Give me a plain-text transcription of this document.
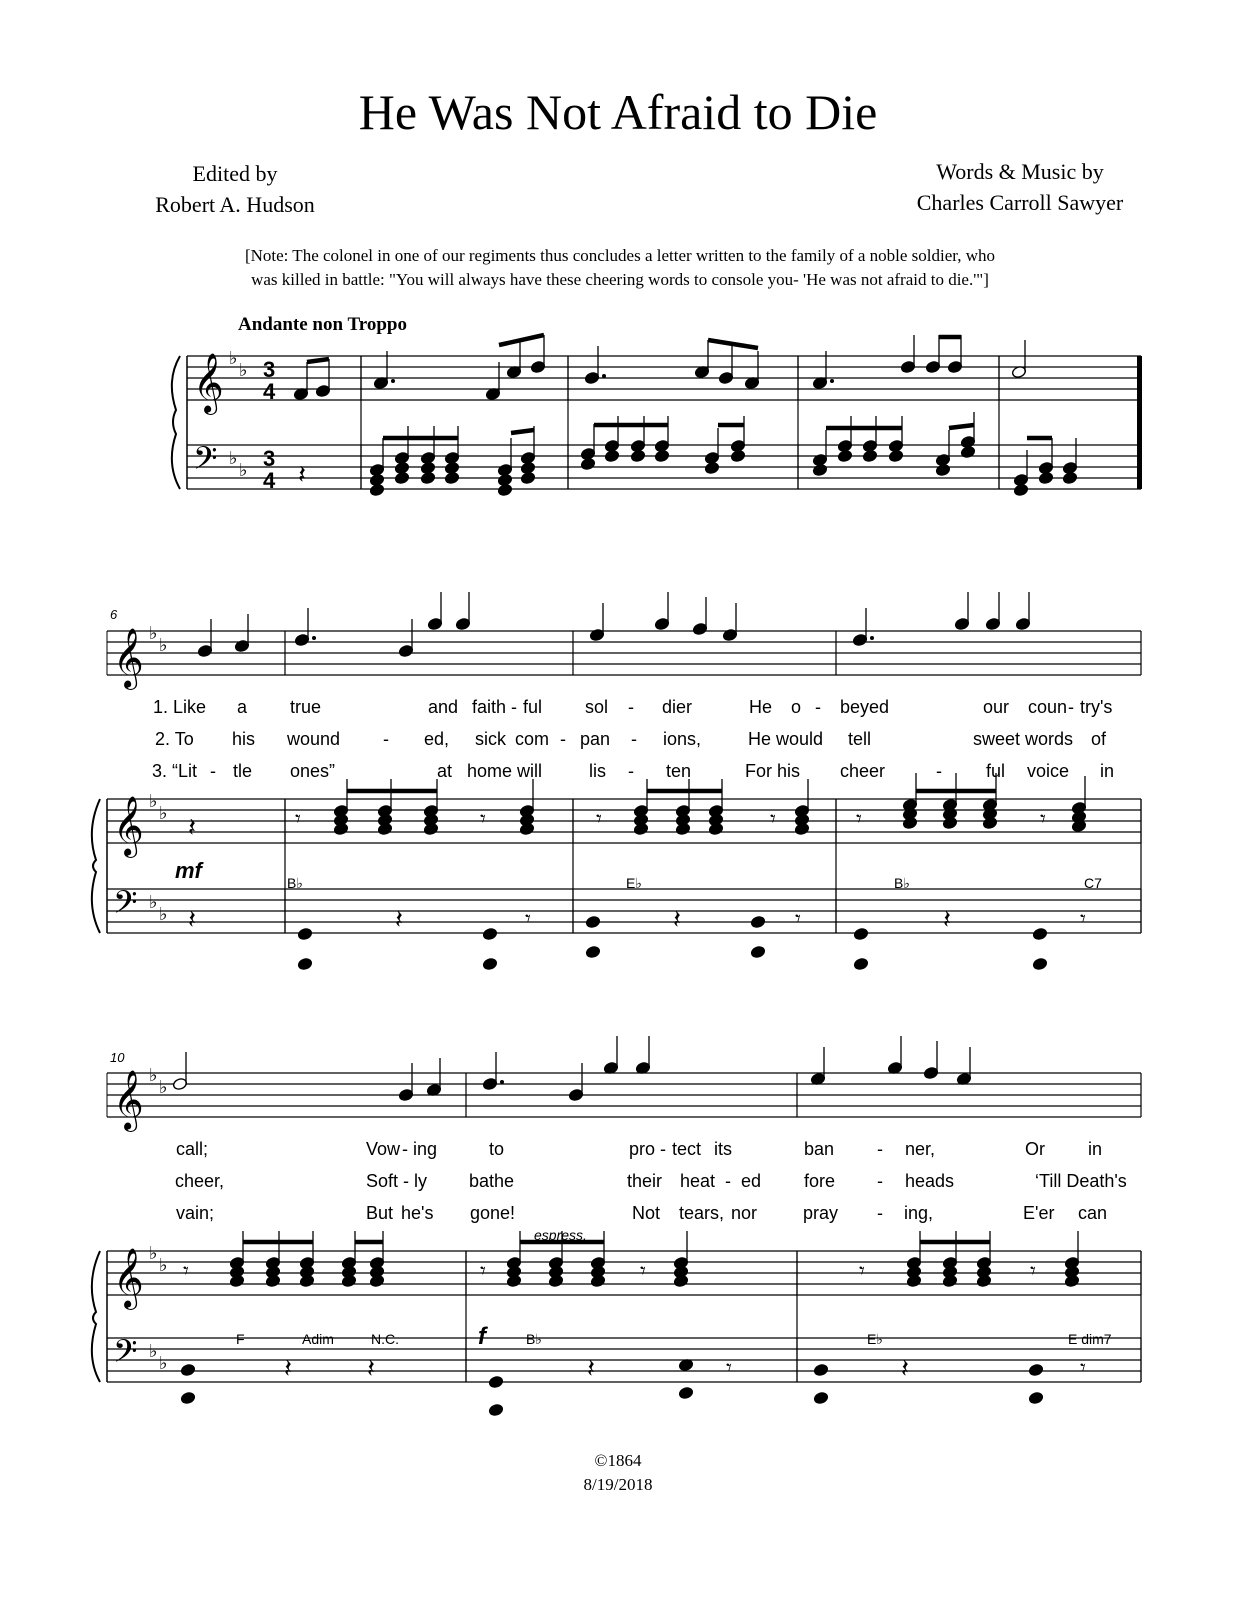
He Was Not Afraid to Die
Edited by
Robert A. Hudson
Words & Music by
Charles Carroll Sawyer
[Note: The colonel in one of our regiments thus concludes a letter written to the family of a noble soldier, who
was killed in battle: "You will always have these cheering words to console you- 'He was not afraid to die.'"]
Andante non Troppo
𝄽
𝄽	𝄾	𝄾	𝄾	𝄾	𝄾	𝄾
𝄽	𝄽	𝄽	𝄽
𝄾	𝄾	𝄾
𝄾	𝄾	𝄾	𝄾	𝄾
𝄽	𝄽	𝄽	𝄽
𝄾	𝄾
𝄞 ♭
♭
𝄢 ♭
♭
𝄞 ♭
♭
𝄞 ♭
♭
𝄢 ♭
♭
𝄞 ♭
♭
𝄞 ♭
♭
𝄢 ♭
♭
3
4
3
4
6
10
mf
f
espress.
1. Like a true	and faith - ful sol - dier	He o - beyed	our coun - try's
2. To his wound - ed, sick com - pan - ions,	He would tell	sweet words of
3. “Lit - tle ones”	at home will	lis - ten	For his cheer	- ful voice in
B♭	E♭	B♭	C7
call;	Vow - ing	to	pro - tect its	ban - ner,	Or in
cheer,	Soft - ly bathe	their heat - ed fore - heads	‘Till Death's
vain;	But he's gone!	Not tears, nor	pray - ing,	E'er can
F	Adim	N.C.	B♭	E♭	E dim7
©1864
8/19/2018
